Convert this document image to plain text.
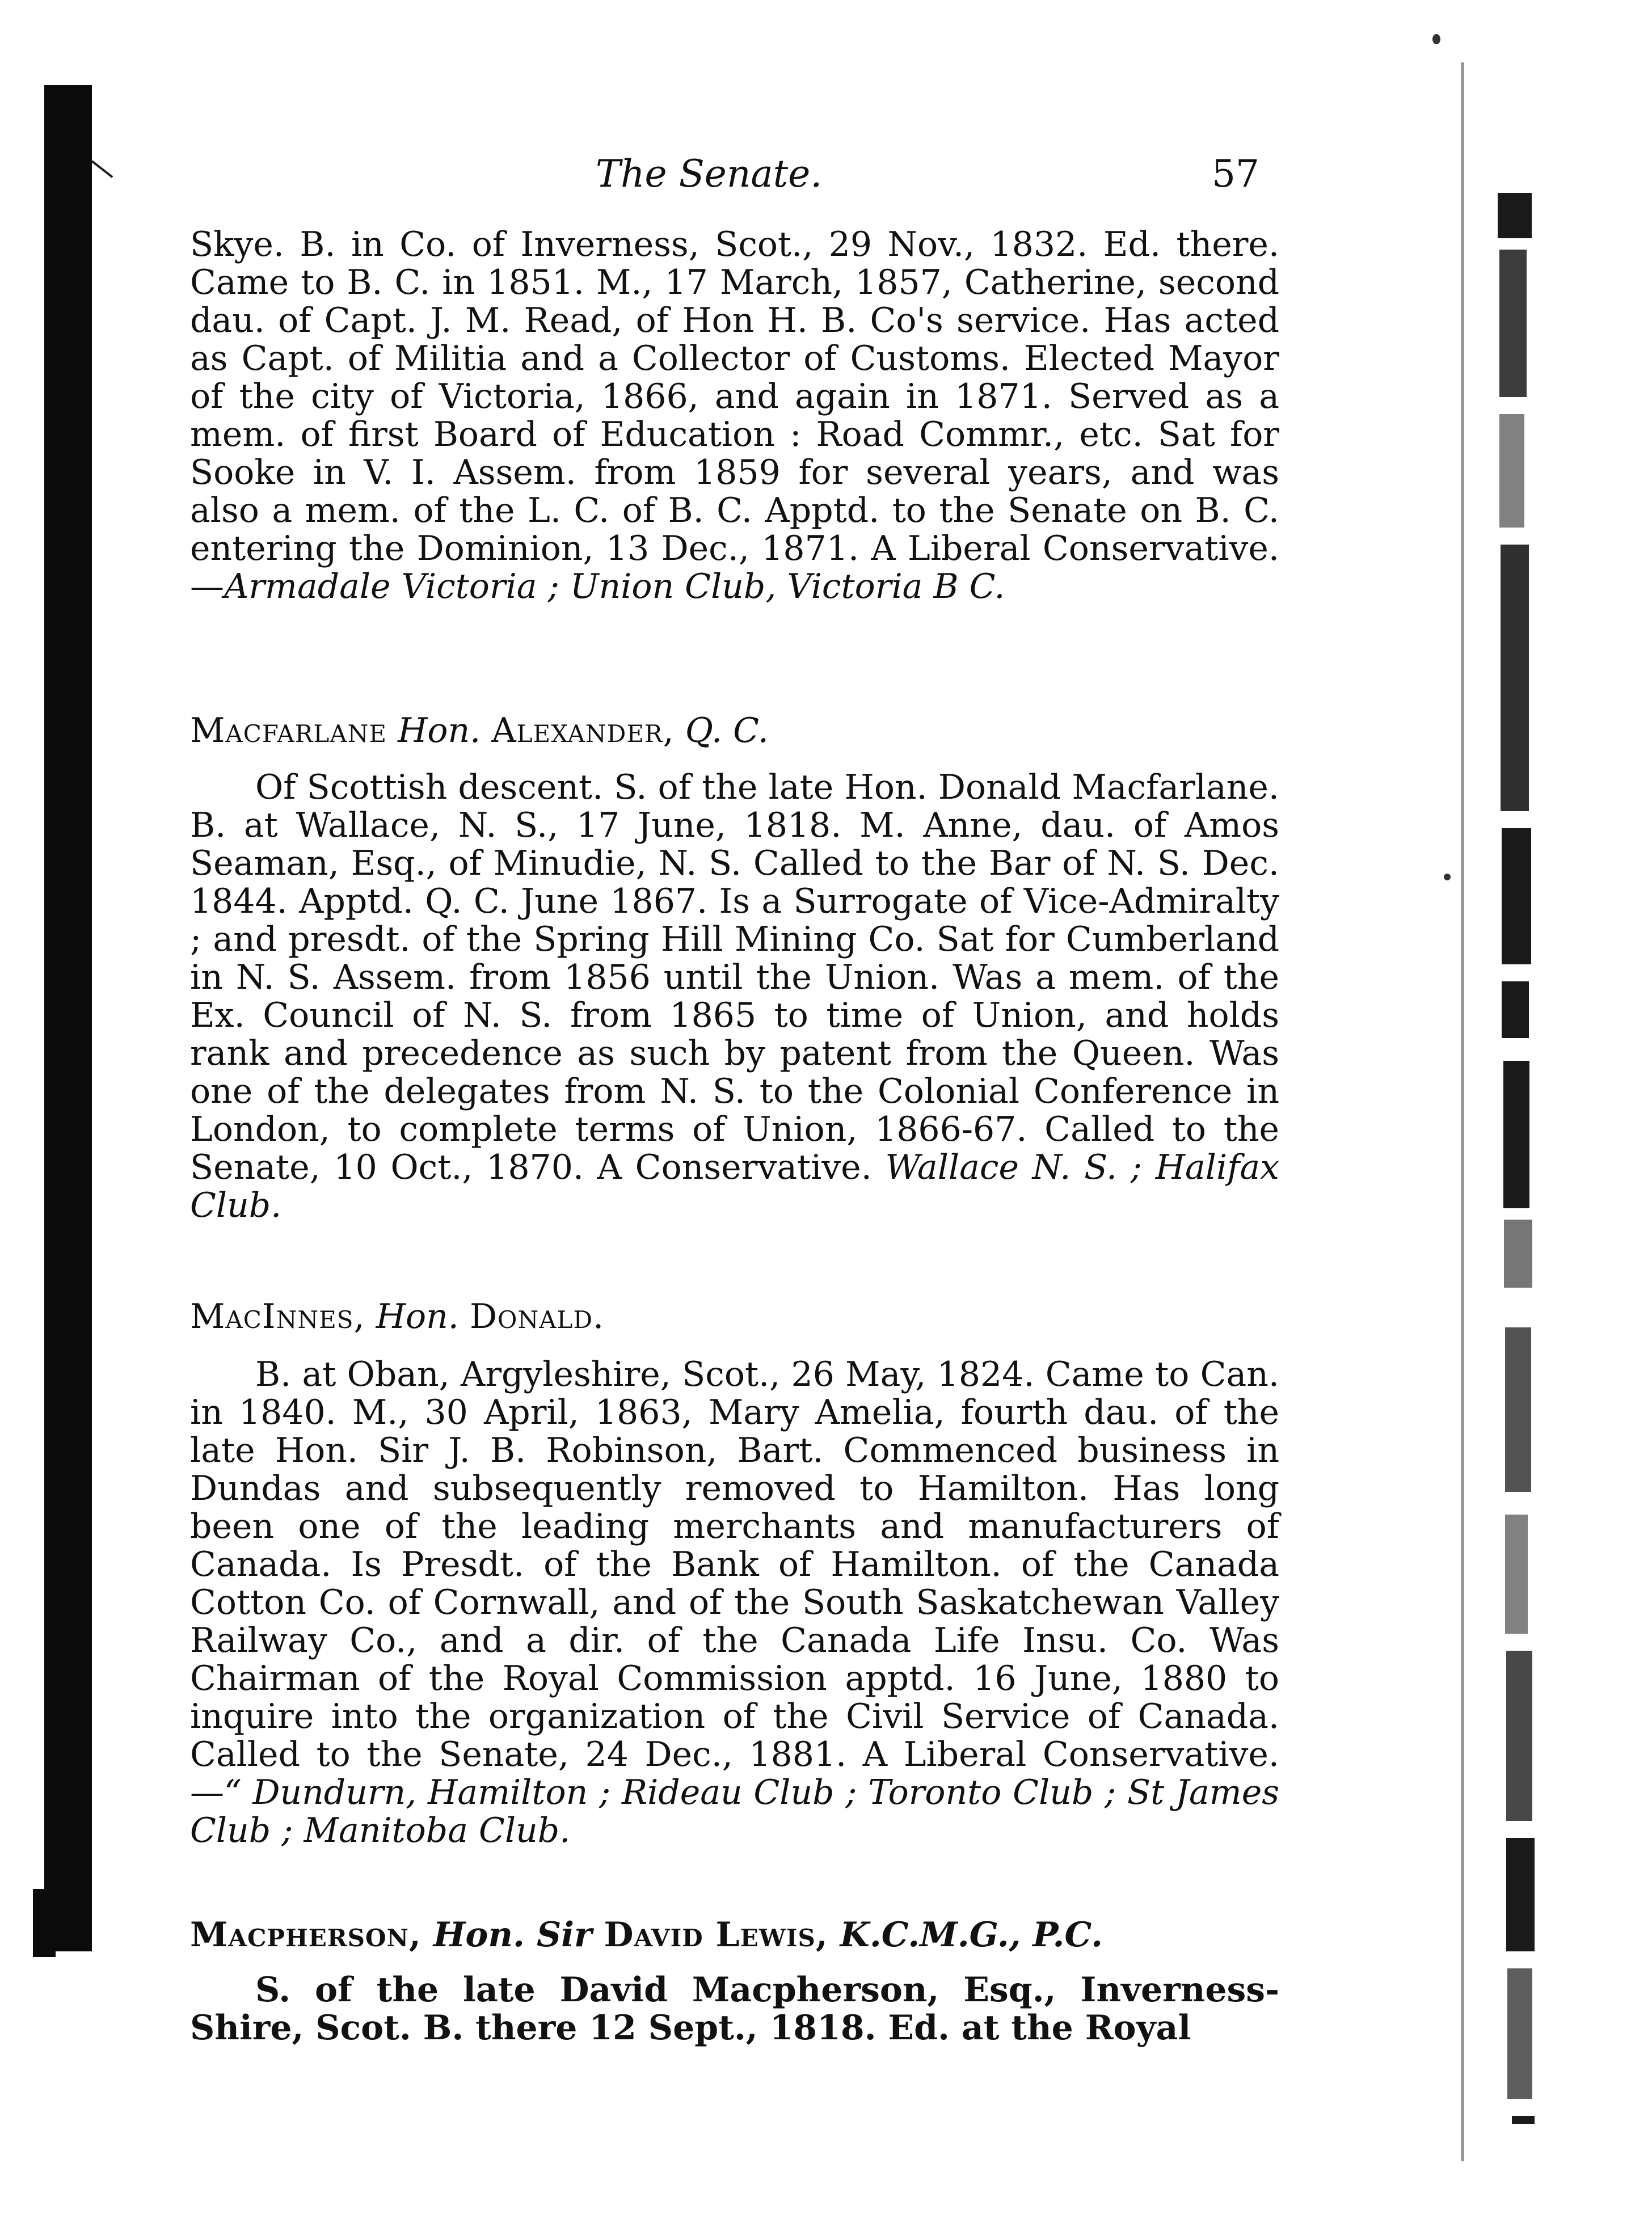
The Senate.	57

Skye. B. in Co. of Inverness, Scot., 29 Nov., 1832. Ed. there. Came to B. C. in 1851. M., 17 March, 1857, Catherine, second dau. of Capt. J. M. Read, of Hon H. B. Co's service. Has acted as Capt. of Militia and a Collector of Customs. Elected Mayor of the city of Victoria, 1866, and again in 1871. Served as a mem. of first Board of Education : Road Commr., etc. Sat for Sooke in V. I. Assem. from 1859 for several years, and was also a mem. of the L. C. of B. C. Apptd. to the Senate on B. C. entering the Dominion, 13 Dec., 1871. A Liberal Conservative.—Armadale Victoria ; Union Club, Victoria B C.

Macfarlane Hon. Alexander, Q. C.

Of Scottish descent. S. of the late Hon. Donald Macfarlane. B. at Wallace, N. S., 17 June, 1818. M. Anne, dau. of Amos Seaman, Esq., of Minudie, N. S. Called to the Bar of N. S. Dec. 1844. Apptd. Q. C. June 1867. Is a Surrogate of Vice-Admiralty ; and presdt. of the Spring Hill Mining Co. Sat for Cumberland in N. S. Assem. from 1856 until the Union. Was a mem. of the Ex. Council of N. S. from 1865 to time of Union, and holds rank and precedence as such by patent from the Queen. Was one of the delegates from N. S. to the Colonial Conference in London, to complete terms of Union, 1866-67. Called to the Senate, 10 Oct., 1870. A Conservative. Wallace N. S. ; Halifax Club.

MacInnes, Hon. Donald.

B. at Oban, Argyleshire, Scot., 26 May, 1824. Came to Can. in 1840. M., 30 April, 1863, Mary Amelia, fourth dau. of the late Hon. Sir J. B. Robinson, Bart. Commenced business in Dundas and subsequently removed to Hamilton. Has long been one of the leading merchants and manufacturers of Canada. Is Presdt. of the Bank of Hamilton. of the Canada Cotton Co. of Cornwall, and of the South Saskatchewan Valley Railway Co., and a dir. of the Canada Life Insu. Co. Was Chairman of the Royal Commission apptd. 16 June, 1880 to inquire into the organization of the Civil Service of Canada. Called to the Senate, 24 Dec., 1881. A Liberal Conservative.—“ Dundurn, Hamilton ; Rideau Club ; Toronto Club ; St James Club ; Manitoba Club.

Macpherson, Hon. Sir David Lewis, K.C.M.G., P.C.

S. of the late David Macpherson, Esq., Inverness-Shire, Scot. B. there 12 Sept., 1818. Ed. at the Royal
